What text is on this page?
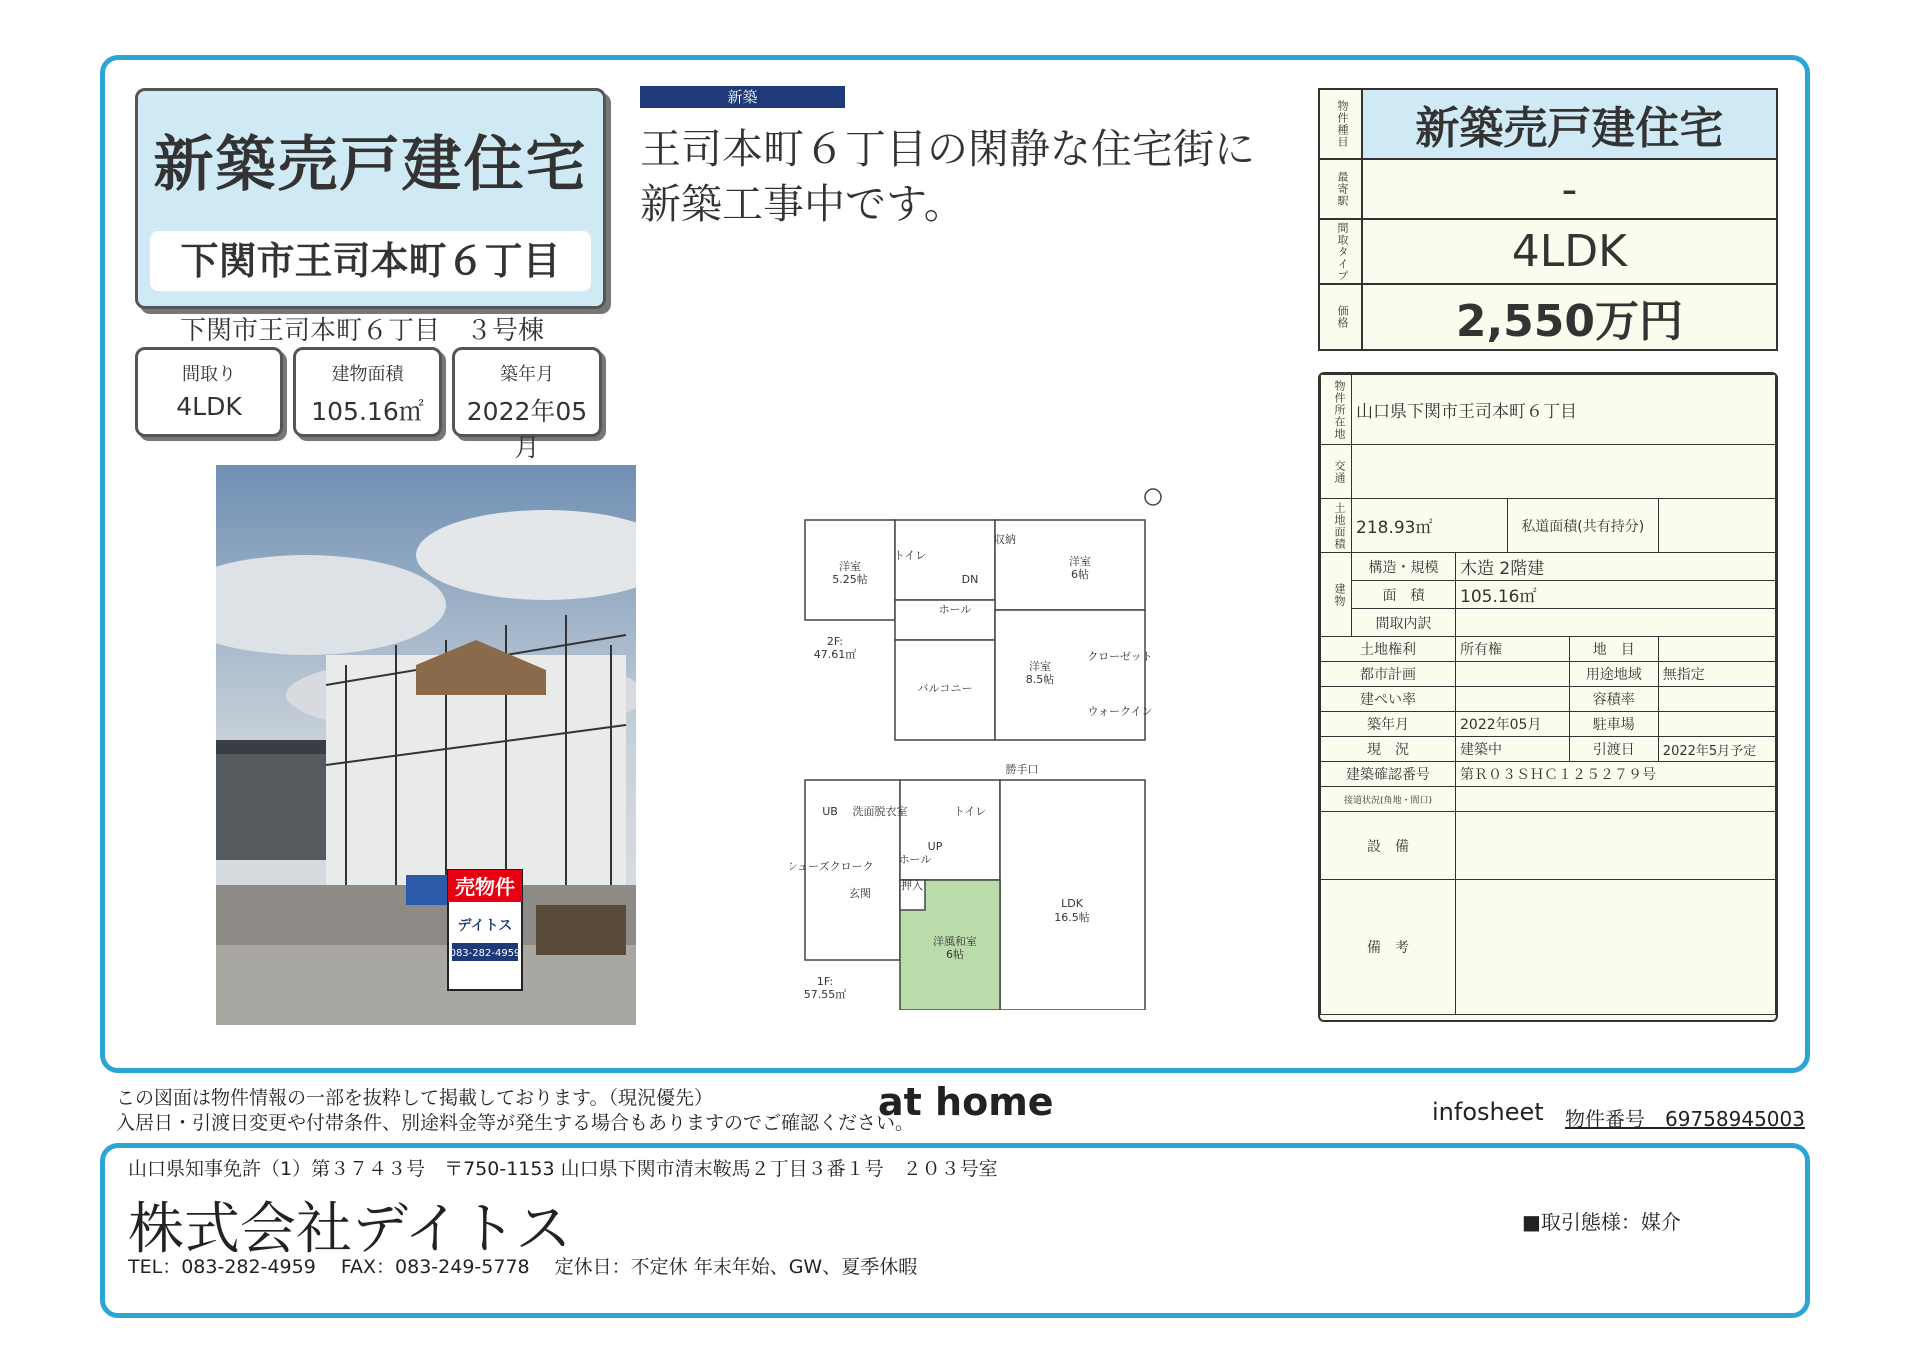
新築売戸建住宅
下関市王司本町６丁目
下関市王司本町６丁目　３号棟
間取り
4LDK
建物面積
105.16㎡
築年月
2022年05月
新築
王司本町６丁目の閑静な住宅街に
新築工事中です。
売物件
デイトス
083-282-4959
洋室
5.25帖
洋室
6帖
洋室
8.5帖
バルコニー
ホール
トイレ
収納
クローゼット
DN
ウォークイン
2F:
47.61㎡
LDK
16.5帖
洋風和室
6帖
UB 洗面脱衣室	トイレ
ホール
玄関
押入
シューズクローク
UP
勝手口
1F:
57.55㎡
物件種目	新築売戸建住宅

最寄駅	-

間取タイプ	4LDK

価格	2,550万円
物件所在地	山口県下関市王司本町６丁目				

交通					

土地面積	218.93㎡		私道面積(共有持分)		

建物	構造・規模	木造 2階建			
	面　積	105.16㎡			
	間取内訳				
土地権利		所有権		地　目	
都市計画				用途地域	無指定
建ぺい率				容積率	
築年月		2022年05月		駐車場	
現　況		建築中		引渡日	2022年5月予定
建築確認番号		第Ｒ０３ＳＨＣ１２５２７９号			
接道状況(角地・間口)					
設　備					
備　考					
この図面は物件情報の一部を抜粋して掲載しております。（現況優先）
入居日・引渡日変更や付帯条件、別途料金等が発生する場合もありますのでご確認ください。
at home	infosheet 物件番号　69758945003
山口県知事免許（1）第３７４３号　〒750-1153 山口県下関市清末鞍馬２丁目３番１号　２０３号室
株式会社デイトス
TEL：083-282-4959　 FAX：083-249-5778　 定休日：不定休 年末年始、GW、夏季休暇
■取引態様：媒介
